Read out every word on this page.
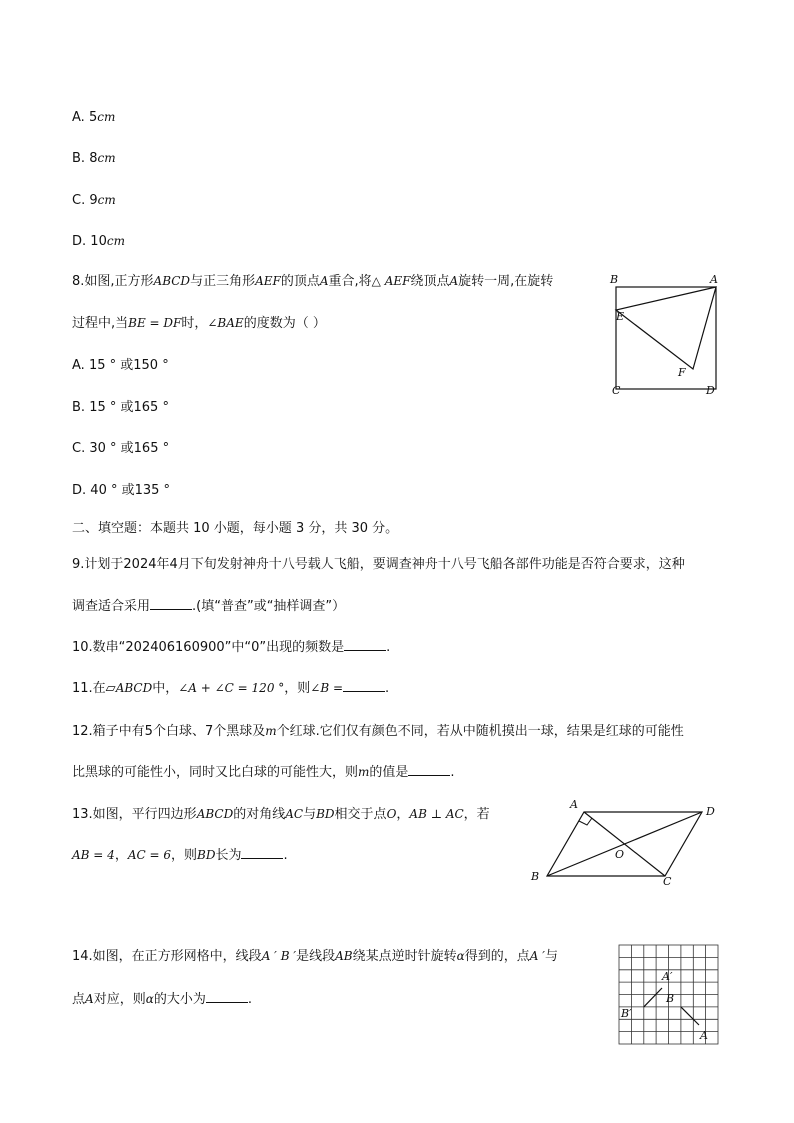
A. 5cm
B. 8cm
C. 9cm
D. 10cm
8.如图,正方形ABCD与正三角形AEF的顶点A重合,将△ AEF绕顶点A旋转一周,在旋转
过程中,当BE = DF时，∠BAE的度数为（ ）
A. 15 ° 或150 °
B. 15 ° 或165 °
C. 30 ° 或165 °
D. 40 ° 或135 °
B	A
E
F
C	D
二、填空题：本题共 10 小题，每小题 3 分，共 30 分。
9.计划于2024年4月下旬发射神舟十八号载人飞船，要调查神舟十八号飞船各部件功能是否符合要求，这种
调查适合采用	.(填“普查”或“抽样调查”）
10.数串“202406160900”中“0”出现的频数是	.
11.在▱ABCD中，∠A + ∠C = 120 °，则∠B =	.
12.箱子中有5个白球、7个黑球及m个红球.它们仅有颜色不同，若从中随机摸出一球，结果是红球的可能性
比黑球的可能性小，同时又比白球的可能性大，则m的值是	.
13.如图，平行四边形ABCD的对角线AC与BD相交于点O，AB ⊥ AC，若
AB = 4，AC = 6，则BD长为	.
A
D
O
B	C
14.如图，在正方形网格中，线段A ′ B ′是线段AB绕某点逆时针旋转α得到的，点A ′与
点A对应，则α的大小为	.
A′
B
B′
A
